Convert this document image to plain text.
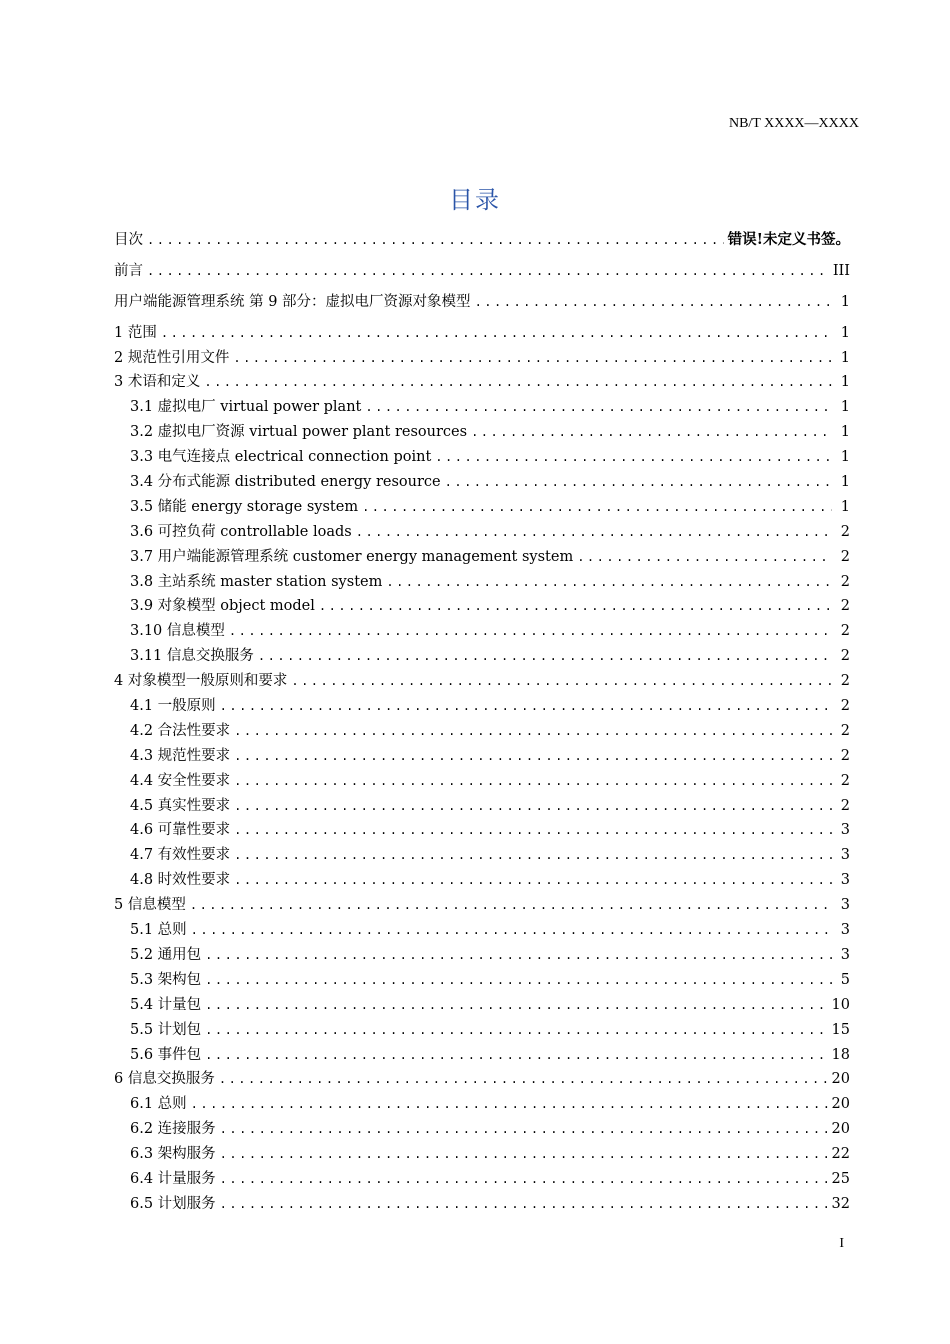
NB/T XXXX—XXXX
目录
目次 .....	错误!未定义书签。
前言 .....	III
用户端能源管理系统 第 9 部分：虚拟电厂资源对象模型 .....	1
1 范围 .....	1
2 规范性引用文件 .....	1
3 术语和定义 .....	1
3.1 虚拟电厂 virtual power plant .....	1
3.2 虚拟电厂资源 virtual power plant resources .....	1
3.3 电气连接点 electrical connection point .....	1
3.4 分布式能源 distributed energy resource .....	1
3.5 储能 energy storage system .....	1
3.6 可控负荷 controllable loads .....	2
3.7 用户端能源管理系统 customer energy management system .....	2
3.8 主站系统 master station system .....	2
3.9 对象模型 object model .....	2
3.10 信息模型 .....	2
3.11 信息交换服务 .....	2
4 对象模型一般原则和要求 .....	2
4.1 一般原则 .....	2
4.2 合法性要求 .....	2
4.3 规范性要求 .....	2
4.4 安全性要求 .....	2
4.5 真实性要求 .....	2
4.6 可靠性要求 .....	3
4.7 有效性要求 .....	3
4.8 时效性要求 .....	3
5 信息模型 .....	3
5.1 总则 .....	3
5.2 通用包 .....	3
5.3 架构包 .....	5
5.4 计量包 .....	10
5.5 计划包 .....	15
5.6 事件包 .....	18
6 信息交换服务 .....	20
6.1 总则 .....	20
6.2 连接服务 .....	20
6.3 架构服务 .....	22
6.4 计量服务 .....	25
6.5 计划服务 .....	32
I
